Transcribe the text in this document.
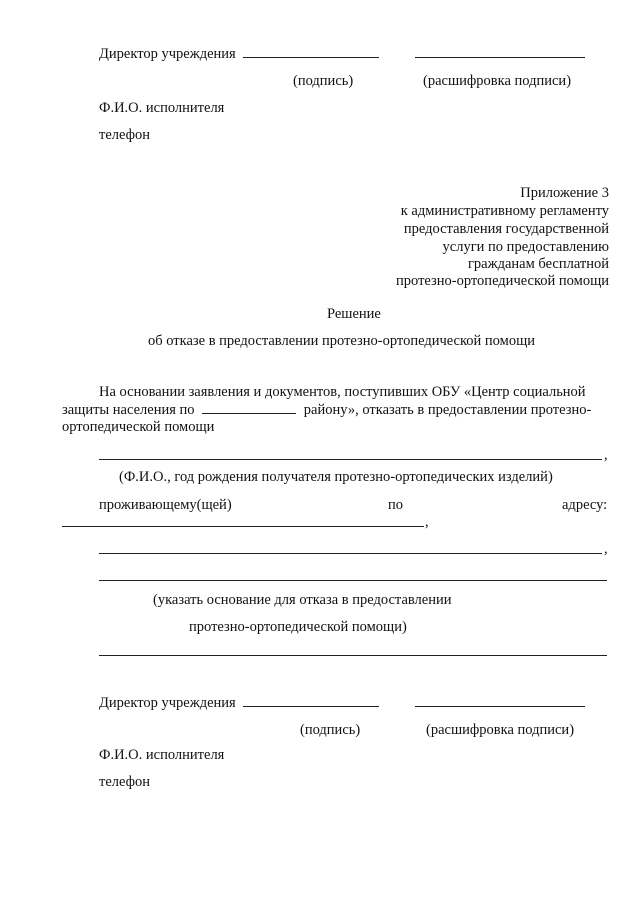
Директор учреждения
(подпись)	(расшифровка подписи)
Ф.И.О. исполнителя
телефон
Приложение 3
к административному регламенту
предоставления государственной
услуги по предоставлению
гражданам бесплатной
протезно-ортопедической помощи
Решение
об отказе в предоставлении протезно-ортопедической помощи
На основании заявления и документов, поступивших ОБУ «Центр социальной
защиты населения по	району», отказать в предоставлении протезно-
ортопедической помощи
,
(Ф.И.О., год рождения получателя протезно-ортопедических изделий)
проживающему(щей)	по	адресу:
,
,
(указать основание для отказа в предоставлении
протезно-ортопедической помощи)
Директор учреждения
(подпись)	(расшифровка подписи)
Ф.И.О. исполнителя
телефон
